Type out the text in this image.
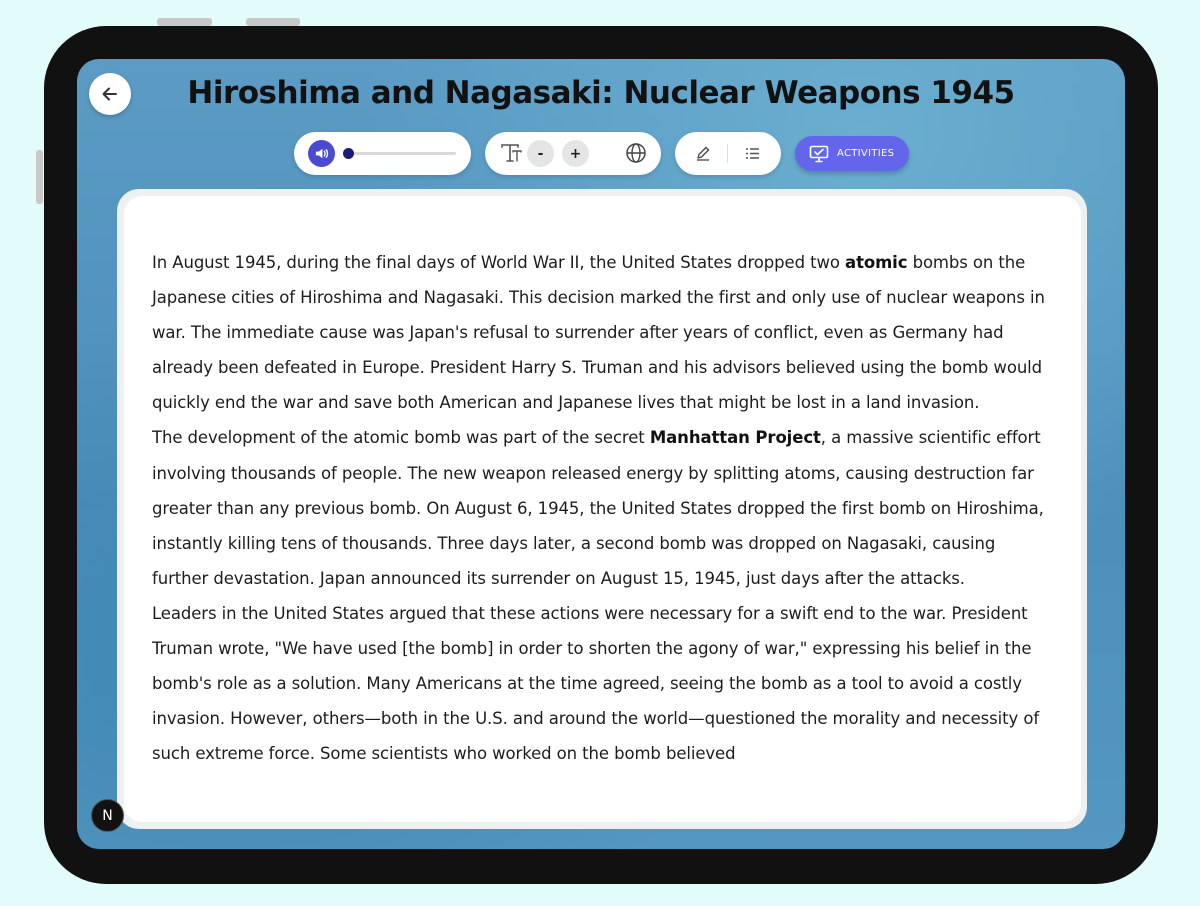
Hiroshima and Nagasaki: Nuclear Weapons 1945
-	+	ACTIVITIES

In August 1945, during the final days of World War II, the United States dropped two atomic bombs on the Japanese cities of Hiroshima and Nagasaki. This decision marked the first and only use of nuclear weapons in war. The immediate cause was Japan's refusal to surrender after years of conflict, even as Germany had already been defeated in Europe. President Harry S. Truman and his advisors believed using the bomb would quickly end the war and save both American and Japanese lives that might be lost in a land invasion.

The development of the atomic bomb was part of the secret Manhattan Project, a massive scientific effort involving thousands of people. The new weapon released energy by splitting atoms, causing destruction far greater than any previous bomb. On August 6, 1945, the United States dropped the first bomb on Hiroshima, instantly killing tens of thousands. Three days later, a second bomb was dropped on Nagasaki, causing further devastation. Japan announced its surrender on August 15, 1945, just days after the attacks.

Leaders in the United States argued that these actions were necessary for a swift end to the war. President Truman wrote, "We have used [the bomb] in order to shorten the agony of war," expressing his belief in the bomb's role as a solution. Many Americans at the time agreed, seeing the bomb as a tool to avoid a costly invasion. However, others—both in the U.S. and around the world—questioned the morality and necessity of such extreme force. Some scientists who worked on the bomb believed

N
